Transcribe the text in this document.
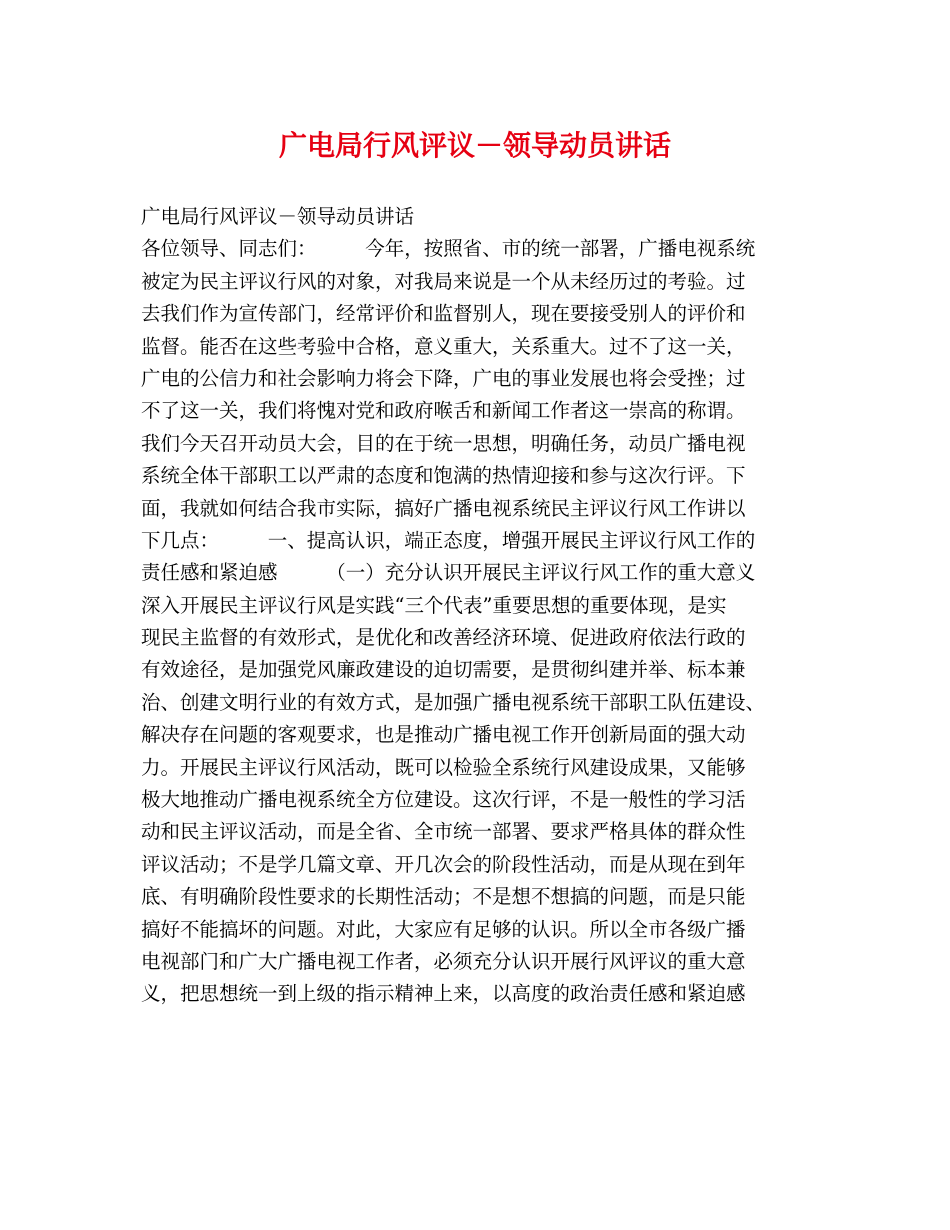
广电局行风评议－领导动员讲话
广电局行风评议－领导动员讲话
各位领导、同志们：　　　今年，按照省、市的统一部署，广播电视系统
被定为民主评议行风的对象，对我局来说是一个从未经历过的考验。过
去我们作为宣传部门，经常评价和监督别人，现在要接受别人的评价和
监督。能否在这些考验中合格，意义重大，关系重大。过不了这一关，
广电的公信力和社会影响力将会下降，广电的事业发展也将会受挫；过
不了这一关，我们将愧对党和政府喉舌和新闻工作者这一崇高的称谓。
我们今天召开动员大会，目的在于统一思想，明确任务，动员广播电视
系统全体干部职工以严肃的态度和饱满的热情迎接和参与这次行评。下
面，我就如何结合我市实际，搞好广播电视系统民主评议行风工作讲以
下几点：　　　一、提高认识，端正态度，增强开展民主评议行风工作的
责任感和紧迫感　　　（一）充分认识开展民主评议行风工作的重大意义
深入开展民主评议行风是实践“三个代表”重要思想的重要体现，是实
现民主监督的有效形式，是优化和改善经济环境、促进政府依法行政的
有效途径，是加强党风廉政建设的迫切需要，是贯彻纠建并举、标本兼
治、创建文明行业的有效方式，是加强广播电视系统干部职工队伍建设、
解决存在问题的客观要求，也是推动广播电视工作开创新局面的强大动
力。开展民主评议行风活动，既可以检验全系统行风建设成果，又能够
极大地推动广播电视系统全方位建设。这次行评，不是一般性的学习活
动和民主评议活动，而是全省、全市统一部署、要求严格具体的群众性
评议活动；不是学几篇文章、开几次会的阶段性活动，而是从现在到年
底、有明确阶段性要求的长期性活动；不是想不想搞的问题，而是只能
搞好不能搞坏的问题。对此，大家应有足够的认识。所以全市各级广播
电视部门和广大广播电视工作者，必须充分认识开展行风评议的重大意
义，把思想统一到上级的指示精神上来，以高度的政治责任感和紧迫感
